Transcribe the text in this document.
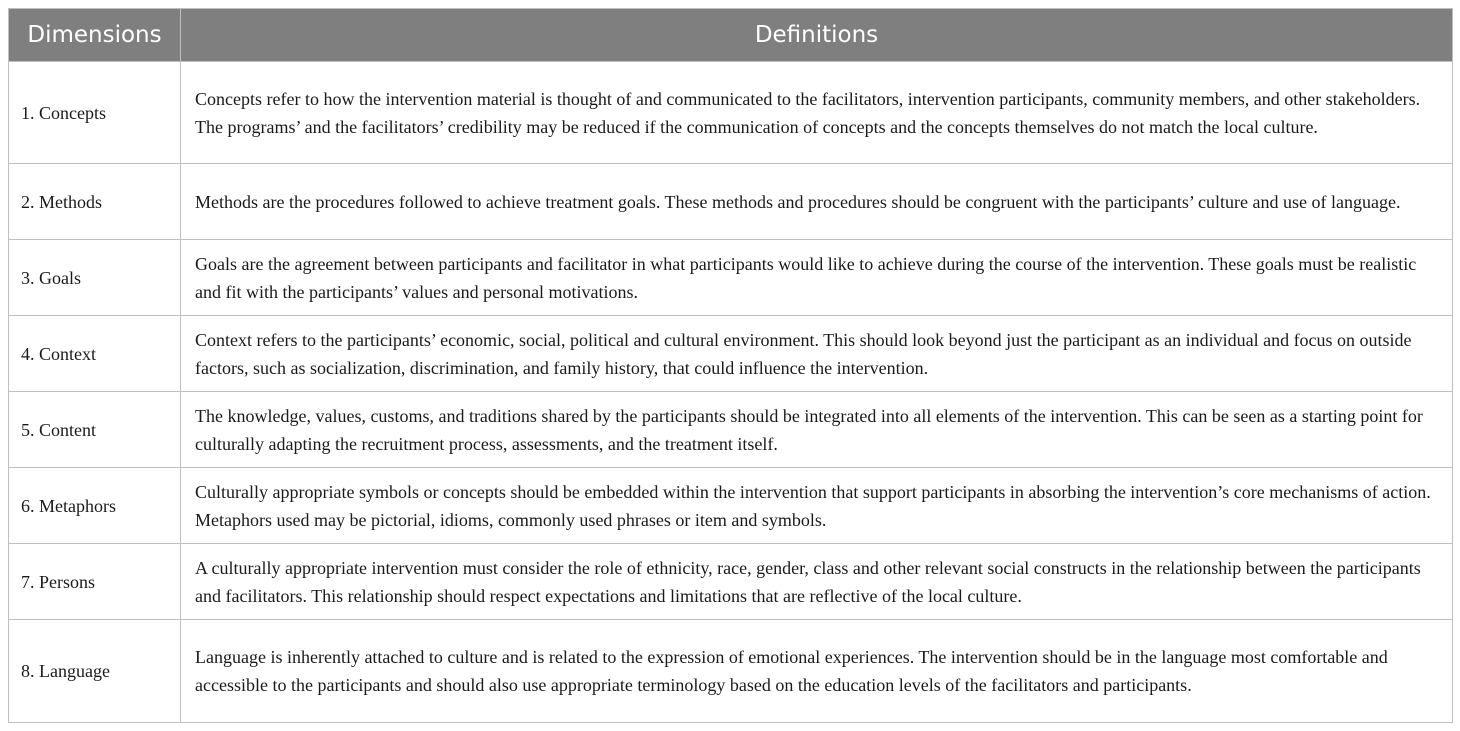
Dimensions	Definitions
1. Concepts	Concepts refer to how the intervention material is thought of and communicated to the facilitators, intervention participants, community members, and other stakeholders. The programs’ and the facilitators’ credibility may be reduced if the communication of concepts and the concepts themselves do not match the local culture.
2. Methods	Methods are the procedures followed to achieve treatment goals. These methods and procedures should be congruent with the participants’ culture and use of language.
3. Goals	Goals are the agreement between participants and facilitator in what participants would like to achieve during the course of the intervention. These goals must be realistic and fit with the participants’ values and personal motivations.
4. Context	Context refers to the participants’ economic, social, political and cultural environment. This should look beyond just the participant as an individual and focus on outside factors, such as socialization, discrimination, and family history, that could influence the intervention.
5. Content	The knowledge, values, customs, and traditions shared by the participants should be integrated into all elements of the intervention. This can be seen as a starting point for culturally adapting the recruitment process, assessments, and the treatment itself.
6. Metaphors	Culturally appropriate symbols or concepts should be embedded within the intervention that support participants in absorbing the intervention’s core mechanisms of action. Metaphors used may be pictorial, idioms, commonly used phrases or item and symbols.
7. Persons	A culturally appropriate intervention must consider the role of ethnicity, race, gender, class and other relevant social constructs in the relationship between the participants and facilitators. This relationship should respect expectations and limitations that are reflective of the local culture.
8. Language	Language is inherently attached to culture and is related to the expression of emotional experiences. The intervention should be in the language most comfortable and accessible to the participants and should also use appropriate terminology based on the education levels of the facilitators and participants.
